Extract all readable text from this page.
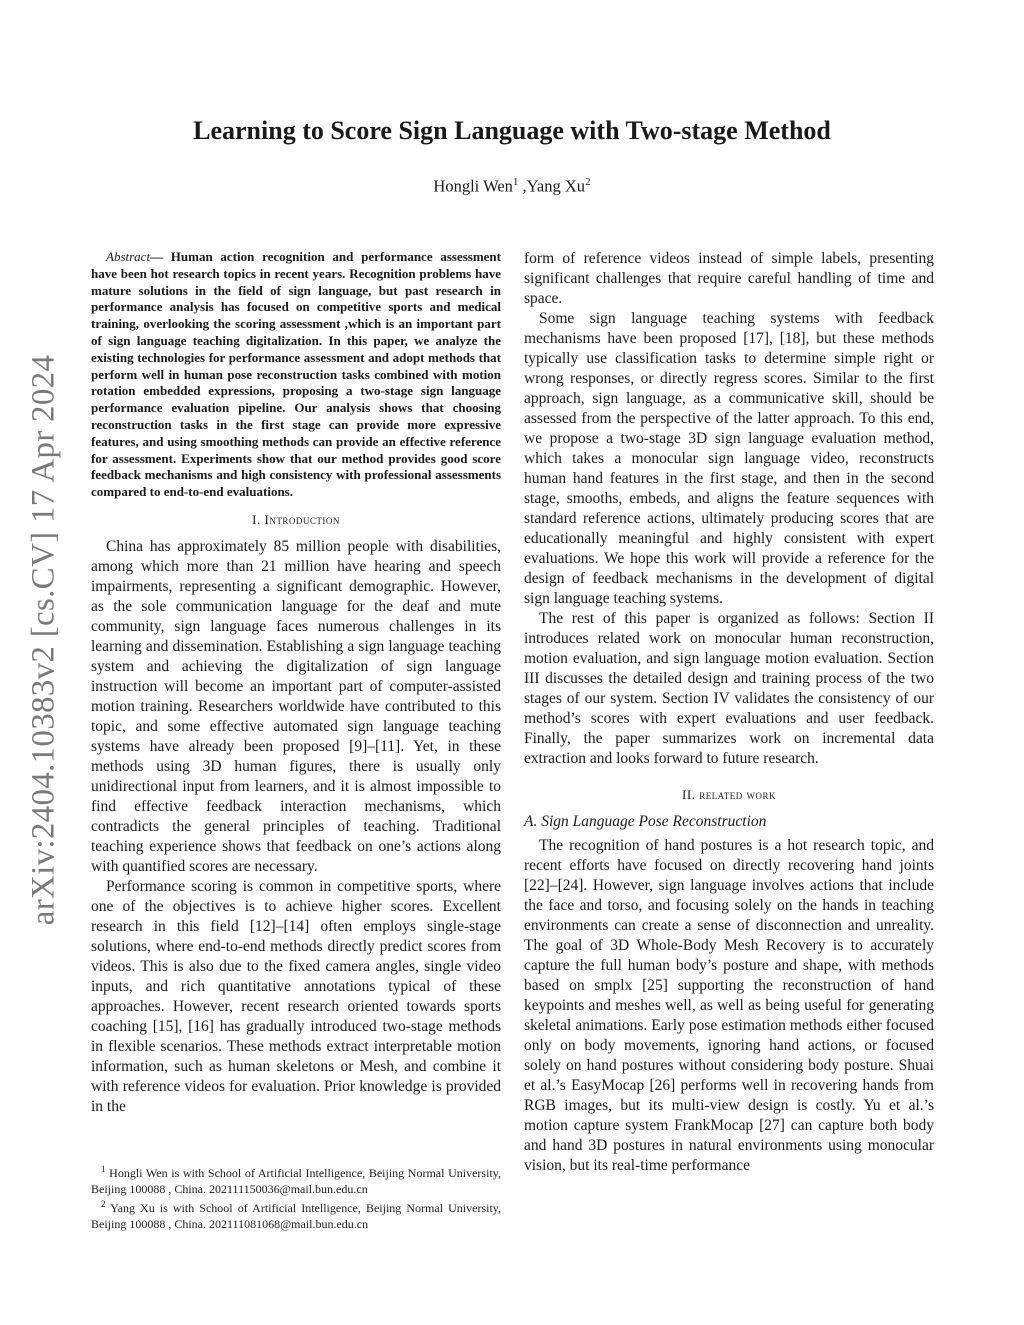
arXiv:2404.10383v2 [cs.CV] 17 Apr 2024
Learning to Score Sign Language with Two-stage Method
Hongli Wen$^1$ ,Yang Xu$^2$

Abstract— Human action recognition and performance assessment have been hot research topics in recent years. Recognition problems have mature solutions in the field of sign language, but past research in performance analysis has focused on competitive sports and medical training, overlooking the scoring assessment ,which is an important part of sign language teaching digitalization. In this paper, we analyze the existing technologies for performance assessment and adopt methods that perform well in human pose reconstruction tasks combined with motion rotation embedded expressions, proposing a two-stage sign language performance evaluation pipeline. Our analysis shows that choosing reconstruction tasks in the first stage can provide more expressive features, and using smoothing methods can provide an effective reference for assessment. Experiments show that our method provides good score feedback mechanisms and high consistency with professional assessments compared to end-to-end evaluations.

I. Introduction

China has approximately 85 million people with disabilities, among which more than 21 million have hearing and speech impairments, representing a significant demographic. However, as the sole communication language for the deaf and mute community, sign language faces numerous challenges in its learning and dissemination. Establishing a sign language teaching system and achieving the digitalization of sign language instruction will become an important part of computer-assisted motion training. Researchers worldwide have contributed to this topic, and some effective automated sign language teaching systems have already been proposed [9]–[11]. Yet, in these methods using 3D human figures, there is usually only unidirectional input from learners, and it is almost impossible to find effective feedback interaction mechanisms, which contradicts the general principles of teaching. Traditional teaching experience shows that feedback on one’s actions along with quantified scores are necessary.

Performance scoring is common in competitive sports, where one of the objectives is to achieve higher scores. Excellent research in this field [12]–[14] often employs single-stage solutions, where end-to-end methods directly predict scores from videos. This is also due to the fixed camera angles, single video inputs, and rich quantitative annotations typical of these approaches. However, recent research oriented towards sports coaching [15], [16] has gradually introduced two-stage methods in flexible scenarios. These methods extract interpretable motion information, such as human skeletons or Mesh, and combine it with reference videos for evaluation. Prior knowledge is provided in the

form of reference videos instead of simple labels, presenting significant challenges that require careful handling of time and space.

Some sign language teaching systems with feedback mechanisms have been proposed [17], [18], but these methods typically use classification tasks to determine simple right or wrong responses, or directly regress scores. Similar to the first approach, sign language, as a communicative skill, should be assessed from the perspective of the latter approach. To this end, we propose a two-stage 3D sign language evaluation method, which takes a monocular sign language video, reconstructs human hand features in the first stage, and then in the second stage, smooths, embeds, and aligns the feature sequences with standard reference actions, ultimately producing scores that are educationally meaningful and highly consistent with expert evaluations. We hope this work will provide a reference for the design of feedback mechanisms in the development of digital sign language teaching systems.

The rest of this paper is organized as follows: Section II introduces related work on monocular human reconstruction, motion evaluation, and sign language motion evaluation. Section III discusses the detailed design and training process of the two stages of our system. Section IV validates the consistency of our method’s scores with expert evaluations and user feedback. Finally, the paper summarizes work on incremental data extraction and looks forward to future research.

II. related work

A. Sign Language Pose Reconstruction

The recognition of hand postures is a hot research topic, and recent efforts have focused on directly recovering hand joints [22]–[24]. However, sign language involves actions that include the face and torso, and focusing solely on the hands in teaching environments can create a sense of disconnection and unreality. The goal of 3D Whole-Body Mesh Recovery is to accurately capture the full human body’s posture and shape, with methods based on smplx [25] supporting the reconstruction of hand keypoints and meshes well, as well as being useful for generating skeletal animations. Early pose estimation methods either focused only on body movements, ignoring hand actions, or focused solely on hand postures without considering body posture. Shuai et al.’s EasyMocap [26] performs well in recovering hands from RGB images, but its multi-view design is costly. Yu et al.’s motion capture system FrankMocap [27] can capture both body and hand 3D postures in natural environments using monocular vision, but its real-time performance

$^1$ Hongli Wen is with School of Artificial Intelligence, Beijing Normal University, Beijing 100088 , China. 202111150036@mail.bun.edu.cn

$^2$ Yang Xu is with School of Artificial Intelligence, Beijing Normal University, Beijing 100088 , China. 202111081068@mail.bun.edu.cn
